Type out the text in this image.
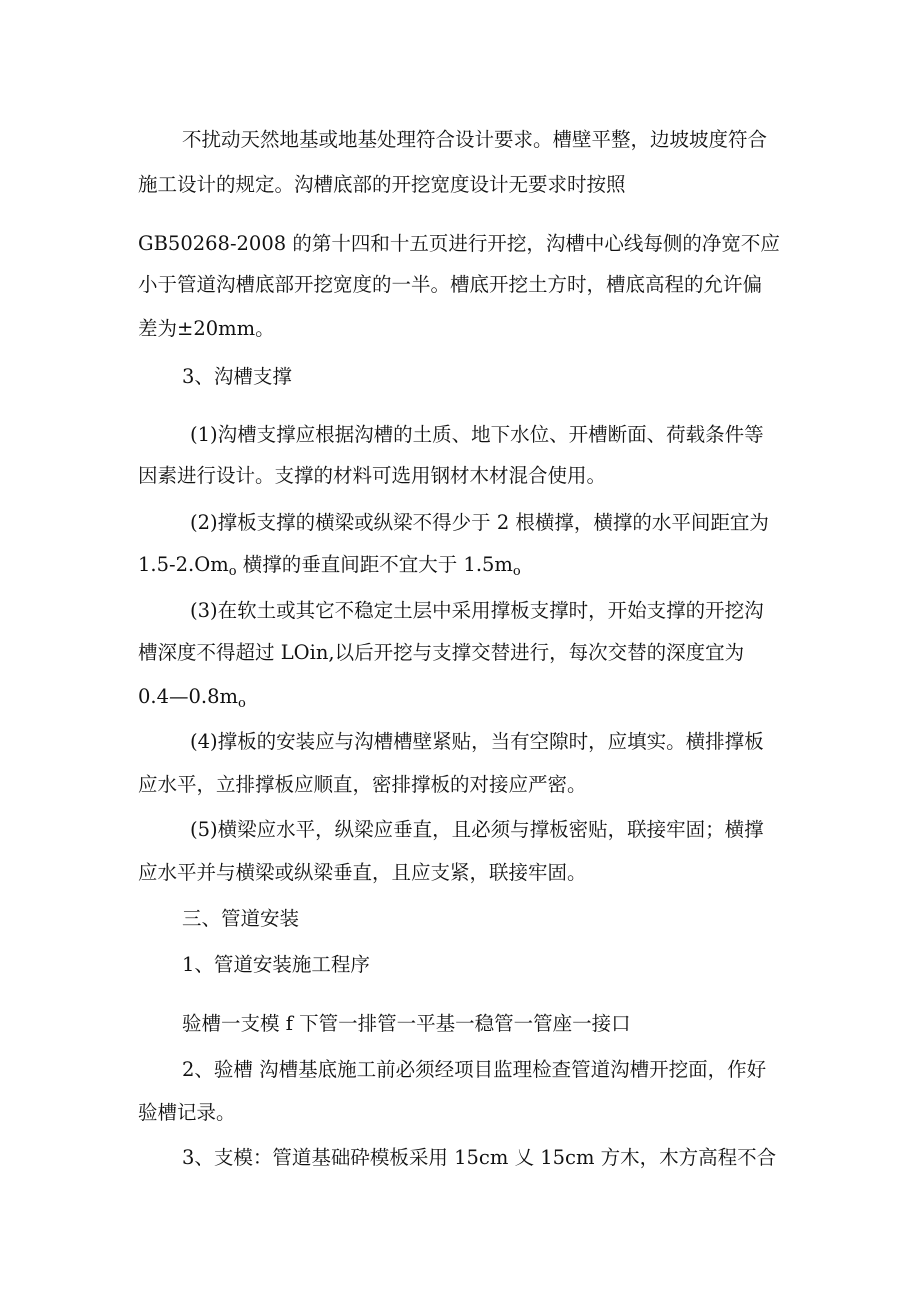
不扰动天然地基或地基处理符合设计要求。槽壁平整，边坡坡度符合
施工设计的规定。沟槽底部的开挖宽度设计无要求时按照
GB50268-2008 的第十四和十五页进行开挖，沟槽中心线每侧的净宽不应
小于管道沟槽底部开挖宽度的一半。槽底开挖土方时，槽底高程的允许偏
差为±20mm。
3、沟槽支撑
(1)沟槽支撑应根据沟槽的土质、地下水位、开槽断面、荷载条件等
因素进行设计。支撑的材料可选用钢材木材混合使用。
(2)撑板支撑的横梁或纵梁不得少于 2 根横撑，横撑的水平间距宜为
$1.5-2.Om_o$ 横撑的垂直间距不宜大于 $1.5m_o$
(3)在软土或其它不稳定土层中采用撑板支撑时，开始支撑的开挖沟
槽深度不得超过 LOin,以后开挖与支撑交替进行，每次交替的深度宜为
$0.4—0.8m_o$
(4)撑板的安装应与沟槽槽壁紧贴，当有空隙时，应填实。横排撑板
应水平，立排撑板应顺直，密排撑板的对接应严密。
(5)横梁应水平，纵梁应垂直，且必须与撑板密贴，联接牢固；横撑
应水平并与横梁或纵梁垂直，且应支紧，联接牢固。
三、管道安装
1、管道安装施工程序
验槽一支模 f 下管一排管一平基一稳管一管座一接口
2、验槽 沟槽基底施工前必须经项目监理检查管道沟槽开挖面，作好
验槽记录。
3、支模：管道基础砕模板采用 15cm 乂 15cm 方木，木方高程不合
